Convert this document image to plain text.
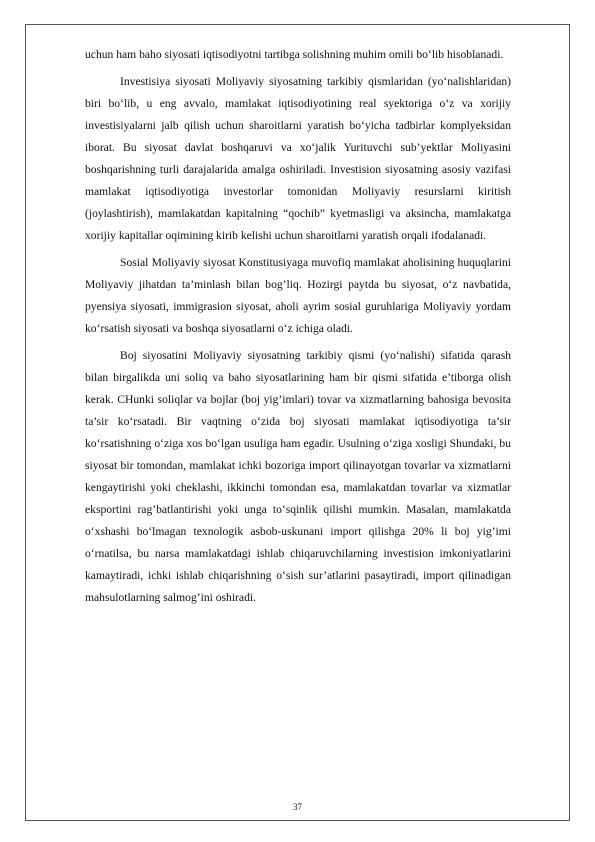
uchun ham baho siyosati iqtisodiyotni tartibga solishning muhim omili bo‘lib hisoblanadi.

Investisiya siyosati Moliyaviy siyosatning tarkibiy qismlaridan (yo‘nalishlaridan) biri bo‘lib, u eng avvalo, mamlakat iqtisodiyotining real syektoriga o‘z va xorijiy investisiyalarni jalb qilish uchun sharoitlarni yaratish bo‘yicha tadbirlar komplyeksidan iborat. Bu siyosat davlat boshqaruvi va xo‘jalik Yurituvchi sub’yektlar Moliyasini boshqarishning turli darajalarida amalga oshiriladi. Investision siyosatning asosiy vazifasi mamlakat iqtisodiyotiga investorlar tomonidan Moliyaviy resurslarni kiritish (joylashtirish), mamlakatdan kapitalning “qochib” kyetmasligi va aksincha, mamlakatga xorijiy kapitallar oqimining kirib kelishi uchun sharoitlarni yaratish orqali ifodalanadi.

Sosial Moliyaviy siyosat Konstitusiyaga muvofiq mamlakat aholisining huquqlarini Moliyaviy jihatdan ta’minlash bilan bog’liq. Hozirgi paytda bu siyosat, o‘z navbatida, pyensiya siyosati, immigrasion siyosat, aholi ayrim sosial guruhlariga Moliyaviy yordam ko‘rsatish siyosati va boshqa siyosatlarni o‘z ichiga oladi.

Boj siyosatini Moliyaviy siyosatning tarkibiy qismi (yo‘nalishi) sifatida qarash bilan birgalikda uni soliq va baho siyosatlarining ham bir qismi sifatida e’tiborga olish kerak. CHunki soliqlar va bojlar (boj yig’imlari) tovar va xizmatlarning bahosiga bevosita ta’sir ko‘rsatadi. Bir vaqtning o‘zida boj siyosati mamlakat iqtisodiyotiga ta’sir ko‘rsatishning o‘ziga xos bo‘lgan usuliga ham egadir. Usulning o‘ziga xosligi Shundaki, bu siyosat bir tomondan, mamlakat ichki bozoriga import qilinayotgan tovarlar va xizmatlarni kengaytirishi yoki cheklashi, ikkinchi tomondan esa, mamlakatdan tovarlar va xizmatlar eksportini rag’batlantirishi yoki unga to‘sqinlik qilishi mumkin. Masalan, mamlakatda o‘xshashi bo‘lmagan texnologik asbob-uskunani import qilishga 20% li boj yig’imi o‘rnatilsa, bu narsa mamlakatdagi ishlab chiqaruvchilarning investision imkoniyatlarini kamaytiradi, ichki ishlab chiqarishning o‘sish sur’atlarini pasaytiradi, import qilinadigan mahsulotlarning salmog’ini oshiradi.

37
